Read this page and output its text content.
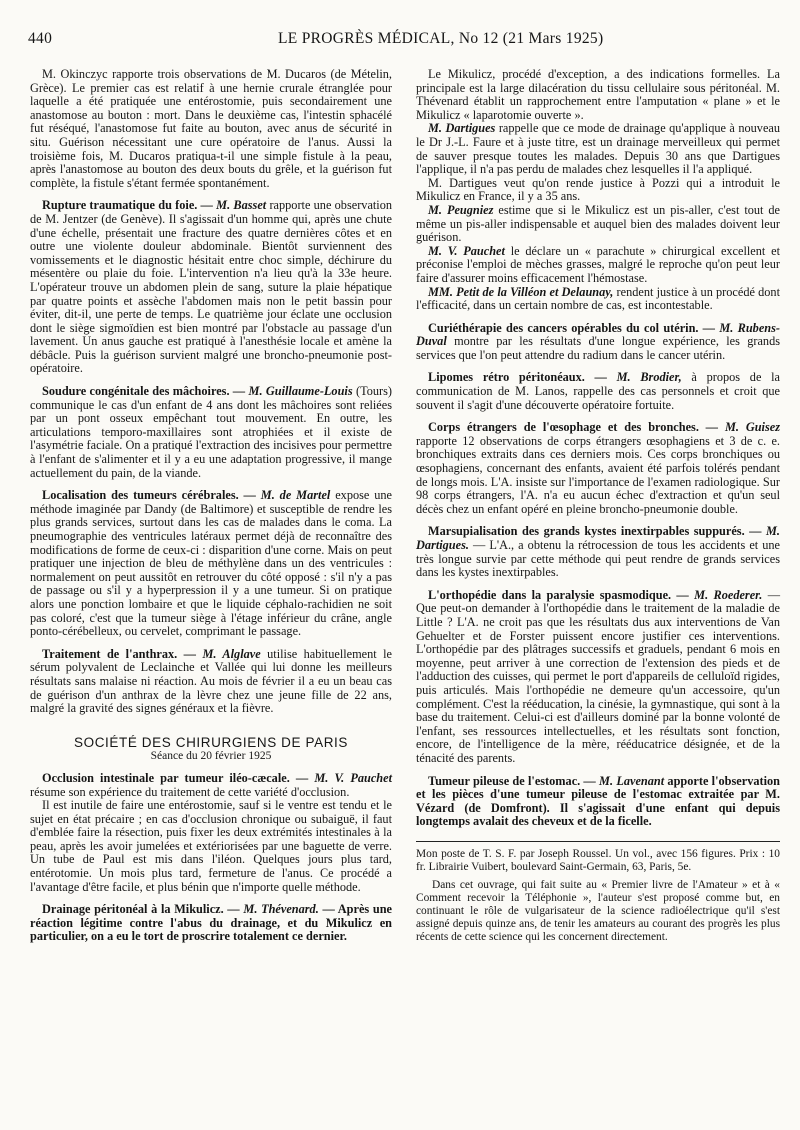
440	LE PROGRÈS MÉDICAL, No 12 (21 Mars 1925)

M. Okinczyc rapporte trois observations de M. Ducaros (de Mételin, Grèce). Le premier cas est relatif à une hernie crurale étranglée pour laquelle a été pratiquée une entérostomie, puis secondairement une anastomose au bouton : mort. Dans le deuxième cas, l'intestin sphacélé fut réséqué, l'anastomose fut faite au bouton, avec anus de sécurité in situ. Guérison nécessitant une cure opératoire de l'anus. Aussi la troisième fois, M. Ducaros pratiqua-t-il une simple fistule à la peau, après l'anastomose au bouton des deux bouts du grêle, et la guérison fut complète, la fistule s'étant fermée spontanément.

Rupture traumatique du foie. — M. Basset rapporte une observation de M. Jentzer (de Genève). Il s'agissait d'un homme qui, après une chute d'une échelle, présentait une fracture des quatre dernières côtes et en outre une violente douleur abdominale. Bientôt surviennent des vomissements et le diagnostic hésitait entre choc simple, déchirure du mésentère ou plaie du foie. L'intervention n'a lieu qu'à la 33e heure. L'opérateur trouve un abdomen plein de sang, suture la plaie hépatique par quatre points et assèche l'abdomen mais non le petit bassin pour éviter, dit-il, une perte de temps. Le quatrième jour éclate une occlusion dont le siège sigmoïdien est bien montré par l'obstacle au passage d'un lavement. Un anus gauche est pratiqué à l'anesthésie locale et amène la débâcle. Puis la guérison survient malgré une broncho-pneumonie post-opératoire.

Soudure congénitale des mâchoires. — M. Guillaume-Louis (Tours) communique le cas d'un enfant de 4 ans dont les mâchoires sont reliées par un pont osseux empêchant tout mouvement. En outre, les articulations temporo-maxillaires sont atrophiées et il existe de l'asymétrie faciale. On a pratiqué l'extraction des incisives pour permettre à l'enfant de s'alimenter et il y a eu une adaptation progressive, il mange actuellement du pain, de la viande.

Localisation des tumeurs cérébrales. — M. de Martel expose une méthode imaginée par Dandy (de Baltimore) et susceptible de rendre les plus grands services, surtout dans les cas de malades dans le coma. La pneumographie des ventricules latéraux permet déjà de reconnaître des modifications de forme de ceux-ci : disparition d'une corne. Mais on peut pratiquer une injection de bleu de méthylène dans un des ventricules : normalement on peut aussitôt en retrouver du côté opposé : s'il n'y a pas de passage ou s'il y a hyperpression il y a une tumeur. Si on pratique alors une ponction lombaire et que le liquide céphalo-rachidien ne soit pas coloré, c'est que la tumeur siège à l'étage inférieur du crâne, angle ponto-cérébelleux, ou cervelet, comprimant le passage.

Traitement de l'anthrax. — M. Alglave utilise habituellement le sérum polyvalent de Leclainche et Vallée qui lui donne les meilleurs résultats sans malaise ni réaction. Au mois de février il a eu un beau cas de guérison d'un anthrax de la lèvre chez une jeune fille de 22 ans, malgré la gravité des signes généraux et la fièvre.

SOCIÉTÉ DES CHIRURGIENS DE PARIS
Séance du 20 février 1925

Occlusion intestinale par tumeur iléo-cæcale. — M. V. Pauchet résume son expérience du traitement de cette variété d'occlusion.

Il est inutile de faire une entérostomie, sauf si le ventre est tendu et le sujet en état précaire ; en cas d'occlusion chronique ou subaiguë, il faut d'emblée faire la résection, puis fixer les deux extrémités intestinales à la peau, après les avoir jumelées et extériorisées par une baguette de verre. Un tube de Paul est mis dans l'iléon. Quelques jours plus tard, entérotomie. Un mois plus tard, fermeture de l'anus. Ce procédé a l'avantage d'être facile, et plus bénin que n'importe quelle méthode.

Drainage péritonéal à la Mikulicz. — M. Thévenard. — Après une réaction légitime contre l'abus du drainage, et du Mikulicz en particulier, on a eu le tort de proscrire totalement ce dernier.

Le Mikulicz, procédé d'exception, a des indications formelles. La principale est la large dilacération du tissu cellulaire sous péritonéal. M. Thévenard établit un rapprochement entre l'amputation « plane » et le Mikulicz « laparotomie ouverte ».

M. Dartigues rappelle que ce mode de drainage qu'applique à nouveau le Dr J.-L. Faure et à juste titre, est un drainage merveilleux qui permet de sauver presque toutes les malades. Depuis 30 ans que Dartigues l'applique, il n'a pas perdu de malades chez lesquelles il l'a appliqué.

M. Dartigues veut qu'on rende justice à Pozzi qui a introduit le Mikulicz en France, il y a 35 ans.

M. Peugniez estime que si le Mikulicz est un pis-aller, c'est tout de même un pis-aller indispensable et auquel bien des malades doivent leur guérison.

M. V. Pauchet le déclare un « parachute » chirurgical excellent et préconise l'emploi de mèches grasses, malgré le reproche qu'on peut leur faire d'assurer moins efficacement l'hémostase.

MM. Petit de la Villéon et Delaunay, rendent justice à un procédé dont l'efficacité, dans un certain nombre de cas, est incontestable.

Curiéthérapie des cancers opérables du col utérin. — M. Rubens-Duval montre par les résultats d'une longue expérience, les grands services que l'on peut attendre du radium dans le cancer utérin.

Lipomes rétro péritonéaux. — M. Brodier, à propos de la communication de M. Lanos, rappelle des cas personnels et croit que souvent il s'agit d'une découverte opératoire fortuite.

Corps étrangers de l'œsophage et des bronches. — M. Guisez rapporte 12 observations de corps étrangers œsophagiens et 3 de c. e. bronchiques extraits dans ces derniers mois. Ces corps bronchiques ou œsophagiens, concernant des enfants, avaient été parfois tolérés pendant de longs mois. L'A. insiste sur l'importance de l'examen radiologique. Sur 98 corps étrangers, l'A. n'a eu aucun échec d'extraction et qu'un seul décès chez un enfant opéré en pleine broncho-pneumonie double.

Marsupialisation des grands kystes inextirpables suppurés. — M. Dartigues. — L'A., a obtenu la rétrocession de tous les accidents et une très longue survie par cette méthode qui peut rendre de grands services dans les kystes inextirpables.

L'orthopédie dans la paralysie spasmodique. — M. Roederer. — Que peut-on demander à l'orthopédie dans le traitement de la maladie de Little ? L'A. ne croit pas que les résultats dus aux interventions de Van Gehuelter et de Forster puissent encore justifier ces interventions. L'orthopédie par des plâtrages successifs et graduels, pendant 6 mois en moyenne, peut arriver à une correction de l'extension des pieds et de l'adduction des cuisses, qui permet le port d'appareils de celluloïd rigides, puis articulés. Mais l'orthopédie ne demeure qu'un accessoire, qu'un complément. C'est la rééducation, la cinésie, la gymnastique, qui sont à la base du traitement. Celui-ci est d'ailleurs dominé par la bonne volonté de l'enfant, ses ressources intellectuelles, et les résultats sont fonction, encore, de l'intelligence de la mère, rééducatrice désignée, et de la ténacité des parents.

Tumeur pileuse de l'estomac. — M. Lavenant apporte l'observation et les pièces d'une tumeur pileuse de l'estomac extraitée par M. Vézard (de Domfront). Il s'agissait d'une enfant qui depuis longtemps avalait des cheveux et de la ficelle.

Mon poste de T. S. F. par Joseph Roussel. Un vol., avec 156 figures. Prix : 10 fr. Librairie Vuibert, boulevard Saint-Germain, 63, Paris, 5e.

Dans cet ouvrage, qui fait suite au « Premier livre de l'Amateur » et à « Comment recevoir la Téléphonie », l'auteur s'est proposé comme but, en continuant le rôle de vulgarisateur de la science radioélectrique qu'il s'est assigné depuis quinze ans, de tenir les amateurs au courant des progrès les plus récents de cette science qui les concernent directement.
